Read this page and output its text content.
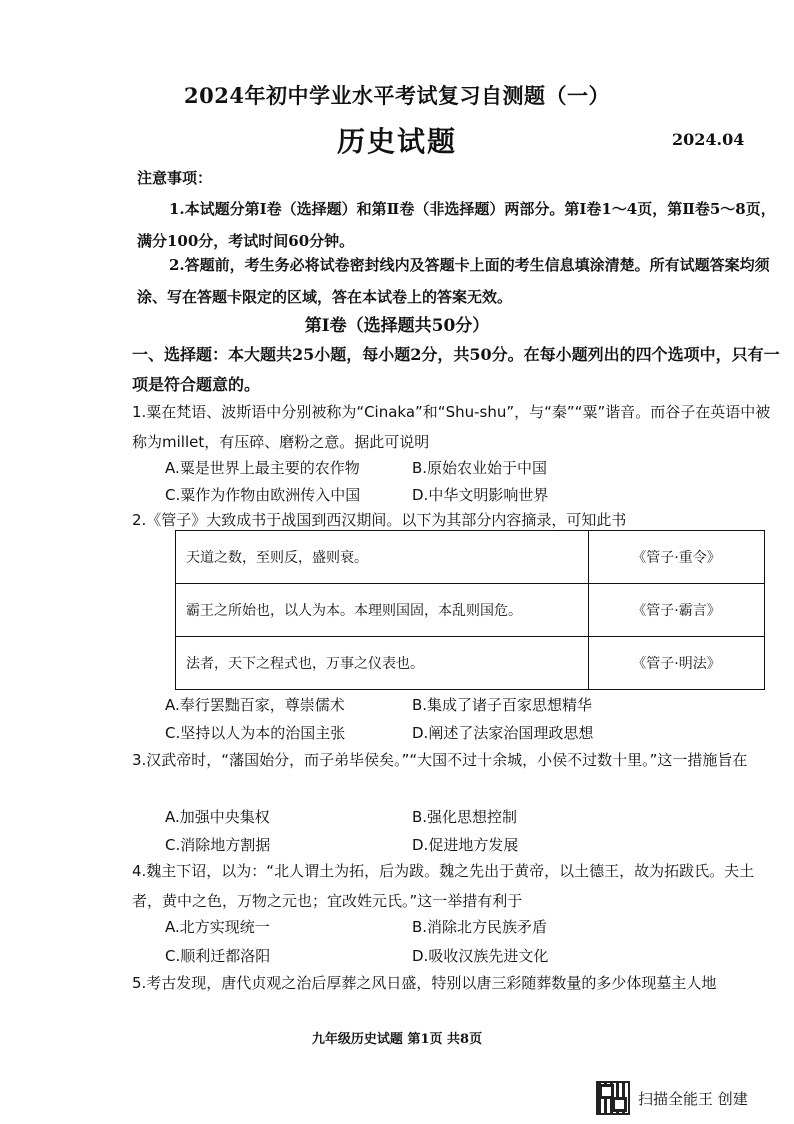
2024年初中学业水平考试复习自测题（一）
历史试题	2024.04
注意事项：
1.本试题分第Ⅰ卷（选择题）和第Ⅱ卷（非选择题）两部分。第Ⅰ卷1～4页，第Ⅱ卷5～8页，满分100分，考试时间60分钟。
2.答题前，考生务必将试卷密封线内及答题卡上面的考生信息填涂清楚。所有试题答案均须涂、写在答题卡限定的区域，答在本试卷上的答案无效。
第Ⅰ卷（选择题共50分）
一、选择题：本大题共25小题，每小题2分，共50分。在每小题列出的四个选项中，只有一项是符合题意的。
1.粟在梵语、波斯语中分别被称为“Cinaka”和“Shu-shu”，与“秦”“粟”谐音。而谷子在英语中被称为millet，有压碎、磨粉之意。据此可说明
A.粟是世界上最主要的农作物	B.原始农业始于中国
C.粟作为作物由欧洲传入中国	D.中华文明影响世界
2.《管子》大致成书于战国到西汉期间。以下为其部分内容摘录，可知此书
天道之数，至则反，盛则衰。	《管子·重令》
霸王之所始也，以人为本。本理则国固，本乱则国危。	《管子·霸言》
法者，天下之程式也，万事之仪表也。	《管子·明法》
A.奉行罢黜百家，尊崇儒术	B.集成了诸子百家思想精华
C.坚持以人为本的治国主张	D.阐述了法家治国理政思想
3.汉武帝时，“藩国始分，而子弟毕侯矣。”“大国不过十余城，小侯不过数十里。”这一措施旨在
A.加强中央集权	B.强化思想控制
C.消除地方割据	D.促进地方发展
4.魏主下诏，以为：“北人谓土为拓，后为跋。魏之先出于黄帝，以土德王，故为拓跋氏。夫土者，黄中之色，万物之元也；宜改姓元氏。”这一举措有利于
A.北方实现统一	B.消除北方民族矛盾
C.顺利迁都洛阳	D.吸收汉族先进文化
5.考古发现，唐代贞观之治后厚葬之风日盛，特别以唐三彩随葬数量的多少体现墓主人地
九年级历史试题 第1页 共8页
扫描全能王 创建
